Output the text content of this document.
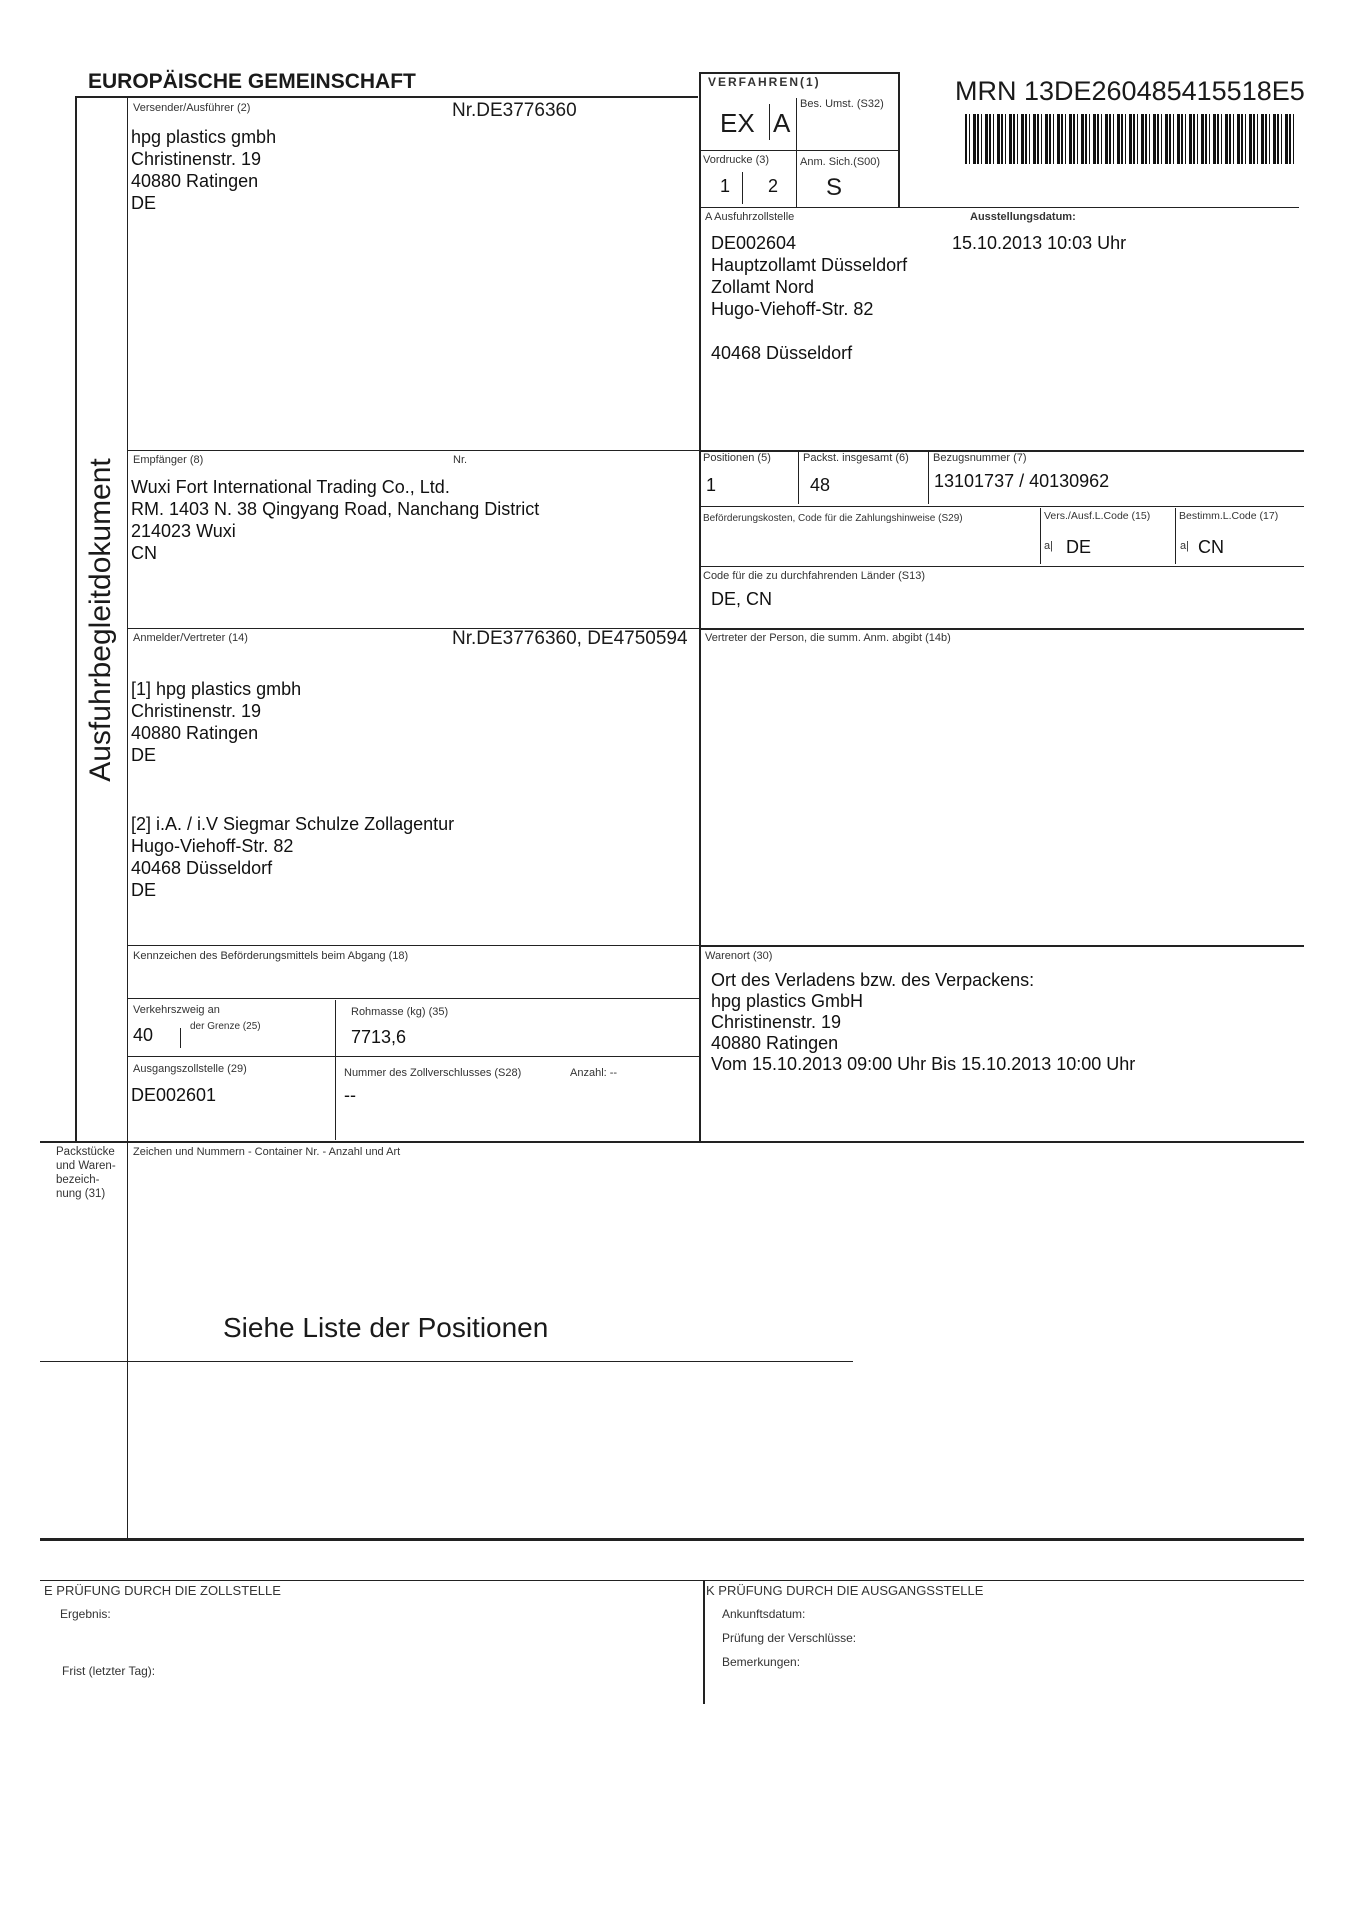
EUROPÄISCHE GEMEINSCHAFT	MRN 13DE260485415518E5
VERFAHREN(1)
Bes. Umst. (S32)
EX A
Vordrucke (3)
1 2
Anm. Sich.(S00)
S
Versender/Ausführer (2)	Nr.DE3776360
hpg plastics gmbh
Christinenstr. 19
40880 Ratingen
DE
A Ausfuhrzollstelle
DE002604
Hauptzollamt Düsseldorf
Zollamt Nord
Hugo-Viehoff-Str. 82
40468 Düsseldorf
Ausstellungsdatum:
15.10.2013 10:03 Uhr
Ausfuhrbegleitdokument Empfänger (8)	Nr.
Wuxi Fort International Trading Co., Ltd.
RM. 1403 N. 38 Qingyang Road, Nanchang District
214023 Wuxi
CN
Positionen (5)
1
Packst. insgesamt (6)
48
Bezugsnummer (7)
13101737 / 40130962
Beförderungskosten, Code für die Zahlungshinweise (S29)	Vers./Ausf.L.Code (15)
a| DE
Bestimm.L.Code (17)
a| CN
Code für die zu durchfahrenden Länder (S13)
DE, CN
Anmelder/Vertreter (14)	Nr.DE3776360, DE4750594
[1] hpg plastics gmbh
Christinenstr. 19
40880 Ratingen
DE
[2] i.A. / i.V Siegmar Schulze Zollagentur
Hugo-Viehoff-Str. 82
40468 Düsseldorf
DE
Vertreter der Person, die summ. Anm. abgibt (14b)
Kennzeichen des Beförderungsmittels beim Abgang (18)
Verkehrszweig an
der Grenze (25)
40
Rohmasse (kg) (35)
7713,6
Ausgangszollstelle (29)
DE002601
Nummer des Zollverschlusses (S28)	Anzahl: --
--
Warenort (30)
Ort des Verladens bzw. des Verpackens:
hpg plastics GmbH
Christinenstr. 19
40880 Ratingen
Vom 15.10.2013 09:00 Uhr Bis 15.10.2013 10:00 Uhr
Packstücke
und Waren-
bezeich-
nung (31)
Zeichen und Nummern - Container Nr. - Anzahl und Art
Siehe Liste der Positionen
E PRÜFUNG DURCH DIE ZOLLSTELLE
Ergebnis:
Frist (letzter Tag):
K PRÜFUNG DURCH DIE AUSGANGSSTELLE
Ankunftsdatum:
Prüfung der Verschlüsse:
Bemerkungen:
